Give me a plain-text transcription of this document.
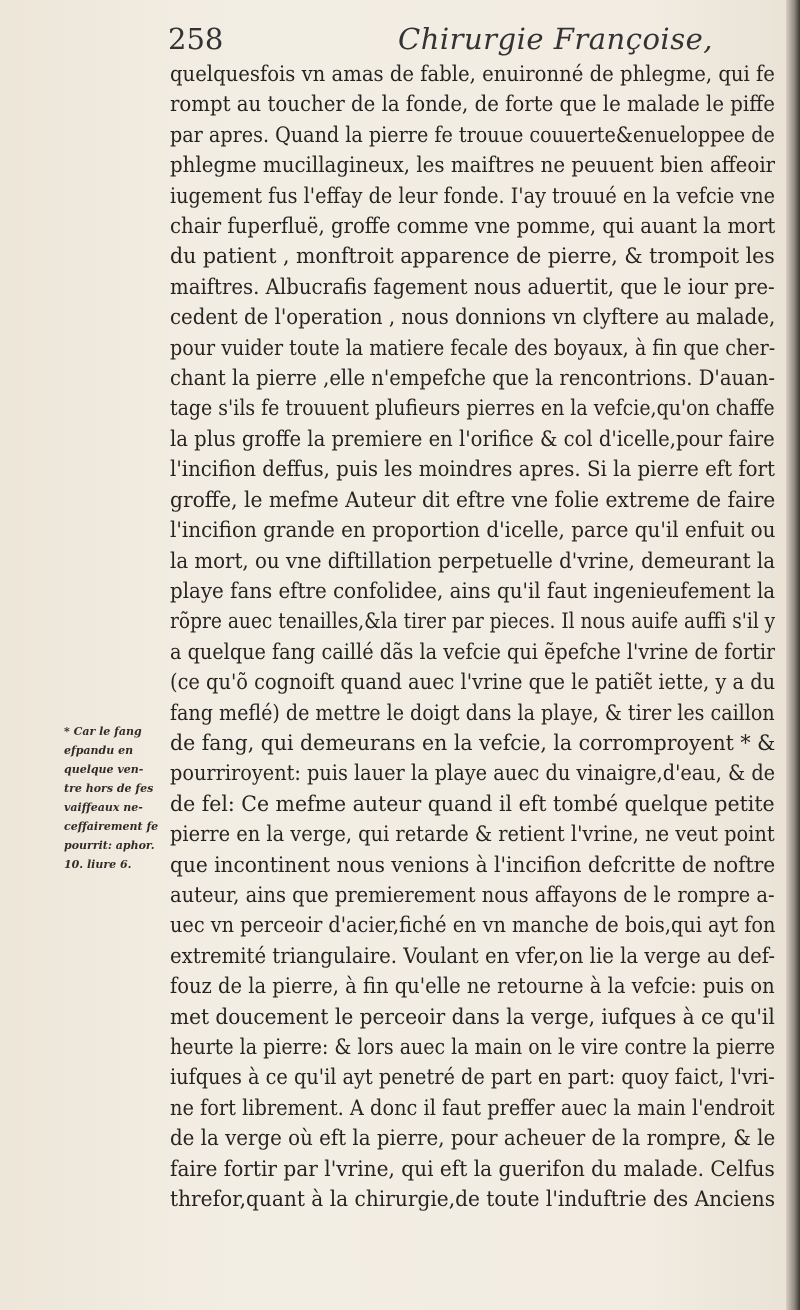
258	Chirurgie Françoise,
quelquesfois vn amas de fable, enuironné de phlegme, qui fe
rompt au toucher de la fonde, de forte que le malade le piffe
par apres. Quand la pierre fe trouue couuerte&enueloppee de
phlegme mucillagineux, les maiftres ne peuuent bien affeoir
iugement fus l'effay de leur fonde. I'ay trouué en la vefcie vne
chair fuperfluë, groffe comme vne pomme, qui auant la mort
du patient , monftroit apparence de pierre, & trompoit les
maiftres. Albucrafis fagement nous aduertit, que le iour pre-
cedent de l'operation , nous donnions vn clyftere au malade,
pour vuider toute la matiere fecale des boyaux, à fin que cher-
chant la pierre ,elle n'empefche que la rencontrions. D'auan-
tage s'ils fe trouuent plufieurs pierres en la vefcie,qu'on chaffe
la plus groffe la premiere en l'orifice & col d'icelle,pour faire
l'incifion deffus, puis les moindres apres. Si la pierre eft fort
groffe, le mefme Auteur dit eftre vne folie extreme de faire
l'incifion grande en proportion d'icelle, parce qu'il enfuit ou
la mort, ou vne diftillation perpetuelle d'vrine, demeurant la
playe fans eftre confolidee, ains qu'il faut ingenieufement la
rõpre auec tenailles,&la tirer par pieces. Il nous auife auffi s'il y
a quelque fang caillé dãs la vefcie qui ẽpefche l'vrine de fortir
(ce qu'õ cognoift quand auec l'vrine que le patiẽt iette, y a du
fang meflé) de mettre le doigt dans la playe, & tirer les caillon
de fang, qui demeurans en la vefcie, la corromproyent * &
pourriroyent: puis lauer la playe auec du vinaigre,d'eau, & de
de fel: Ce mefme auteur quand il eft tombé quelque petite
pierre en la verge, qui retarde & retient l'vrine, ne veut point
que incontinent nous venions à l'incifion defcritte de noftre
auteur, ains que premierement nous affayons de le rompre a-
uec vn perceoir d'acier,fiché en vn manche de bois,qui ayt fon
extremité triangulaire. Voulant en vfer,on lie la verge au def-
fouz de la pierre, à fin qu'elle ne retourne à la vefcie: puis on
met doucement le perceoir dans la verge, iufques à ce qu'il
heurte la pierre: & lors auec la main on le vire contre la pierre
iufques à ce qu'il ayt penetré de part en part: quoy faict, l'vri-
ne fort librement. A donc il faut preffer auec la main l'endroit
de la verge où eft la pierre, pour acheuer de la rompre, & le
faire fortir par l'vrine, qui eft la guerifon du malade. Celfus
threfor,quant à la chirurgie,de toute l'induftrie des Anciens
* Car le fang
efpandu en
quelque ven-
tre hors de fes
vaiffeaux ne-
ceffairement fe
pourrit: aphor.
10. liure 6.
